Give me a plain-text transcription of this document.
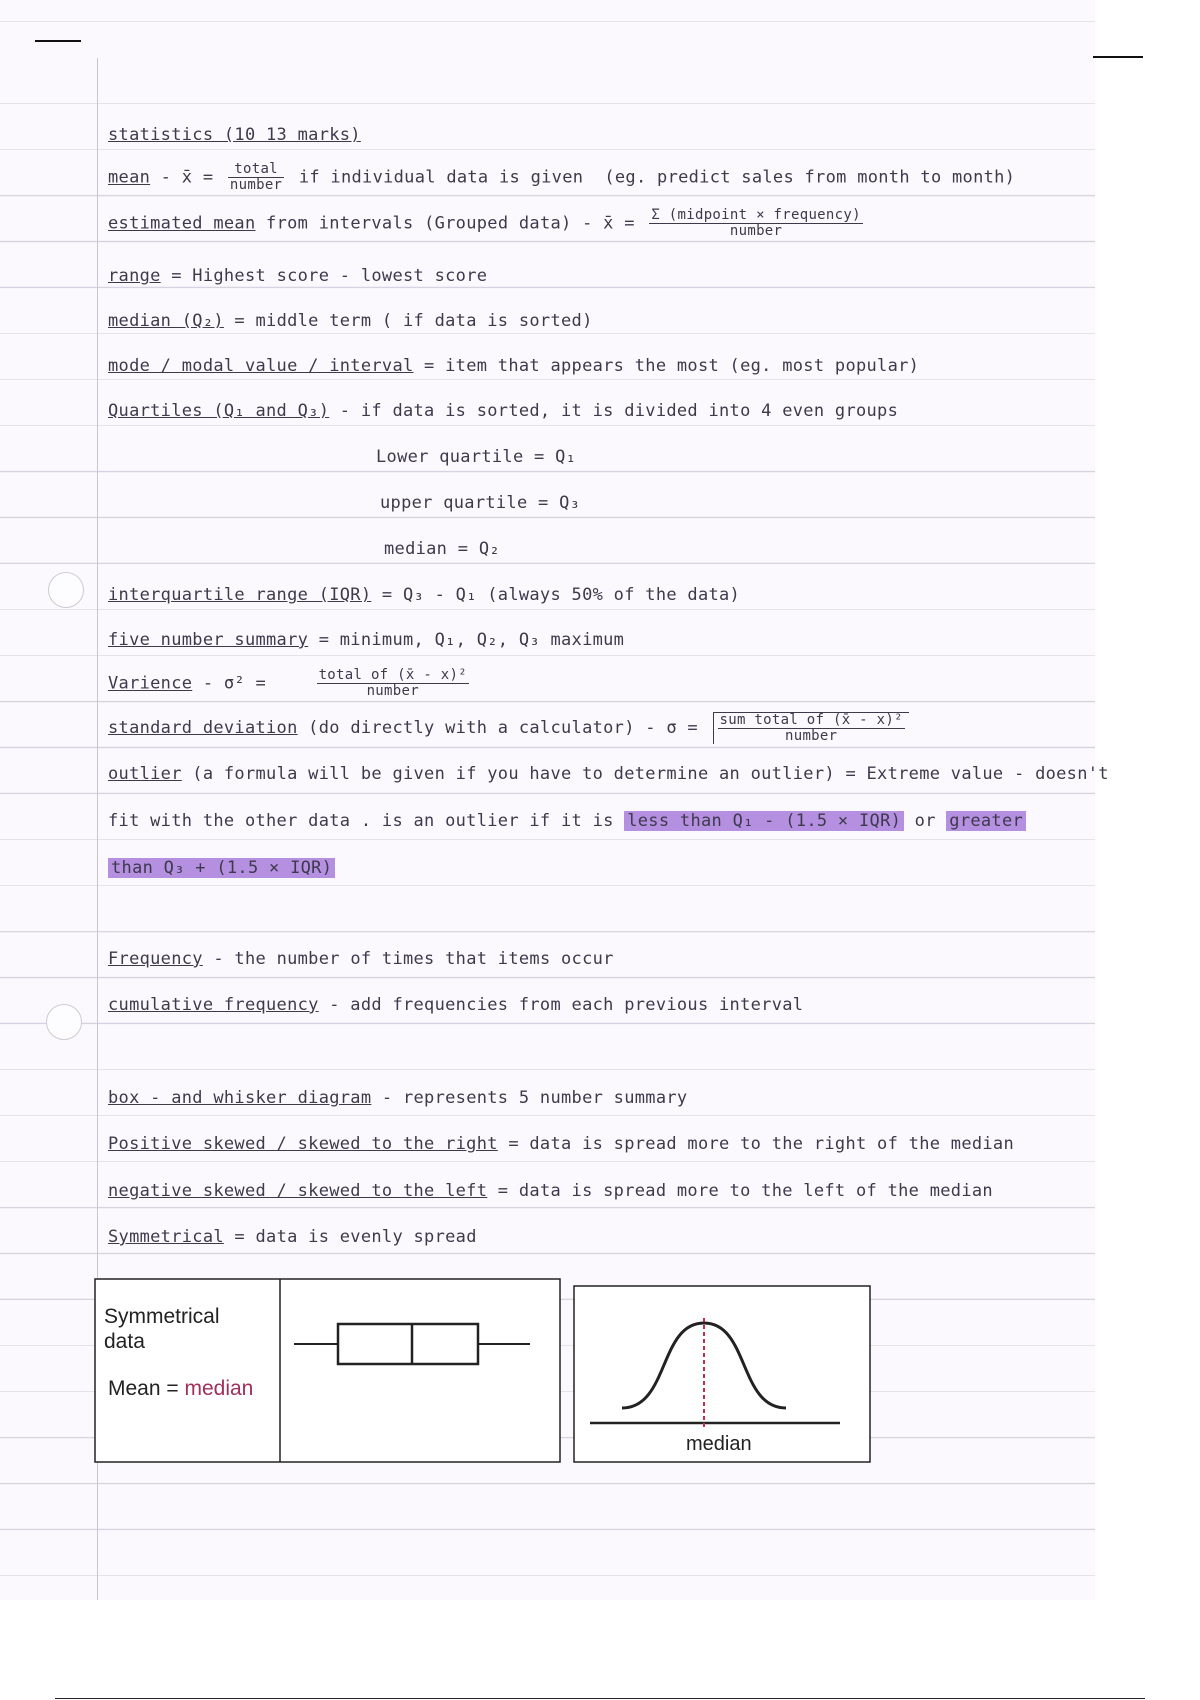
statistics (10 13 marks)
mean - x̄ = $\frac{\text{total}}{\text{number}}$ if individual data is given (eg. predict sales from month to month)
estimated mean from intervals (Grouped data) - x̄ = $\frac{\text{Σ (midpoint × frequency)}}{\text{number}}$
range = Highest score - lowest score
median (Q₂) = middle term ( if data is sorted)
mode / modal value / interval = item that appears the most (eg. most popular)
Quartiles (Q₁ and Q₃) - if data is sorted, it is divided into 4 even groups
Lower quartile = Q₁
upper quartile = Q₃
median = Q₂
interquartile range (IQR) = Q₃ - Q₁ (always 50% of the data)
five number summary = minimum, Q₁, Q₂, Q₃ maximum
Varience - σ² =	$\frac{\text{total of (x̄ - x)²}}{\text{number}}$
standard deviation (do directly with a calculator) - $\sigma = \frac{\text{sum total of (x̄ - x)²}}{\text{number}}$
outlier (a formula will be given if you have to determine an outlier) = Extreme value - doesn't
fit with the other data . is an outlier if it is less than Q₁ - (1.5 × IQR) or greater
than Q₃ + (1.5 × IQR)
Frequency - the number of times that items occur
cumulative frequency - add frequencies from each previous interval
box - and whisker diagram - represents 5 number summary
Positive skewed / skewed to the right = data is spread more to the right of the median
negative skewed / skewed to the left = data is spread more to the left of the median
Symmetrical = data is evenly spread
Symmetrical
data
Mean = median
median
